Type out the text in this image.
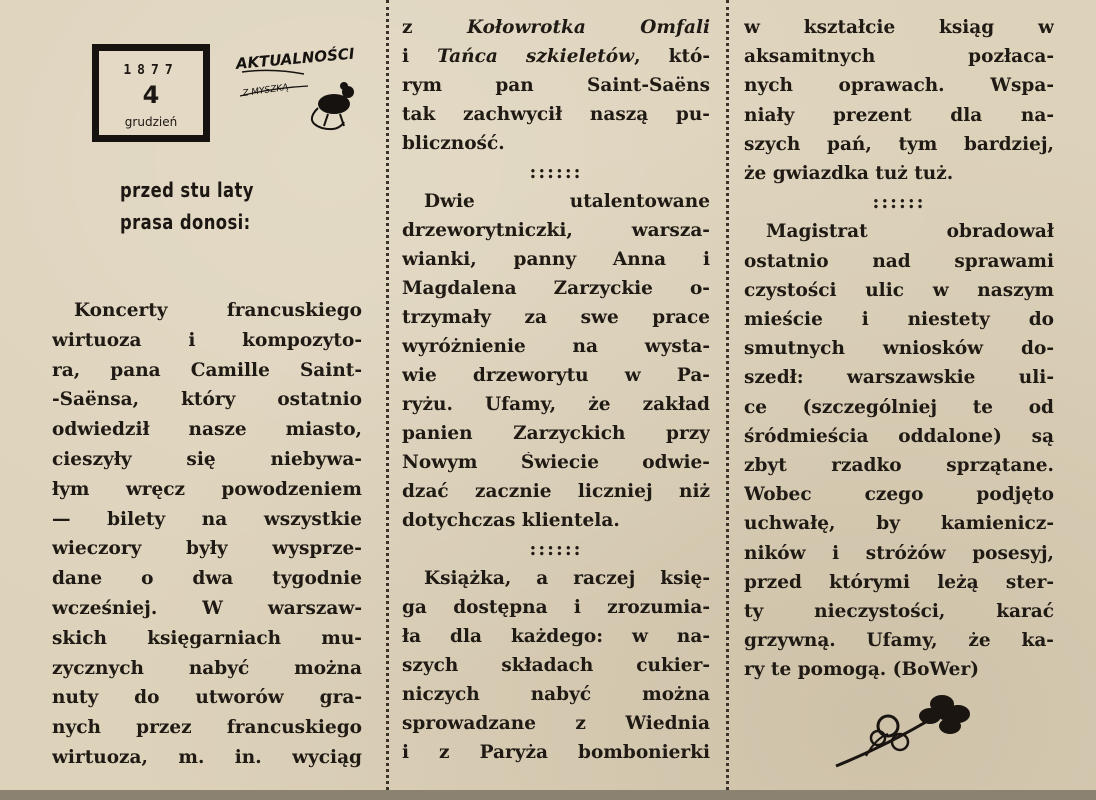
1877
4
grudzień
AKTUALNOŚCI
Z MYSZKĄ
przed stu laty
prasa donosi:
Koncerty francuskiego
wirtuoza i kompozyto-
ra, pana Camille Saint-
-Saënsa, który ostatnio
odwiedził nasze miasto,
cieszyły się niebywa-
łym wręcz powodzeniem
— bilety na wszystkie
wieczory były wysprze-
dane o dwa tygodnie
wcześniej. W warszaw-
skich księgarniach mu-
zycznych nabyć można
nuty do utworów gra-
nych przez francuskiego
wirtuoza, m. in. wyciąg
z Kołowrotka Omfali
i Tańca szkieletów, któ-
rym pan Saint-Saëns
tak zachwycił naszą pu-
bliczność.
::::::
Dwie utalentowane
drzeworytniczki, warsza-
wianki, panny Anna i
Magdalena Zarzyckie o-
trzymały za swe prace
wyróżnienie na wysta-
wie drzeworytu w Pa-
ryżu. Ufamy, że zakład
panien Zarzyckich przy
Nowym Świecie odwie-
dzać zacznie liczniej niż
dotychczas klientela.
::::::
Książka, a raczej księ-
ga dostępna i zrozumia-
ła dla każdego: w na-
szych składach cukier-
niczych nabyć można
sprowadzane z Wiednia
i z Paryża bombonierki
w kształcie ksiąg w
aksamitnych pozłaca-
nych oprawach. Wspa-
niały prezent dla na-
szych pań, tym bardziej,
że gwiazdka tuż tuż.
::::::
Magistrat obradował
ostatnio nad sprawami
czystości ulic w naszym
mieście i niestety do
smutnych wniosków do-
szedł: warszawskie uli-
ce (szczególniej te od
śródmieścia oddalone) są
zbyt rzadko sprzątane.
Wobec czego podjęto
uchwałę, by kamienicz-
ników i stróżów posesyj,
przed którymi leżą ster-
ty nieczystości, karać
grzywną. Ufamy, że ka-
ry te pomogą. (BoWer)
